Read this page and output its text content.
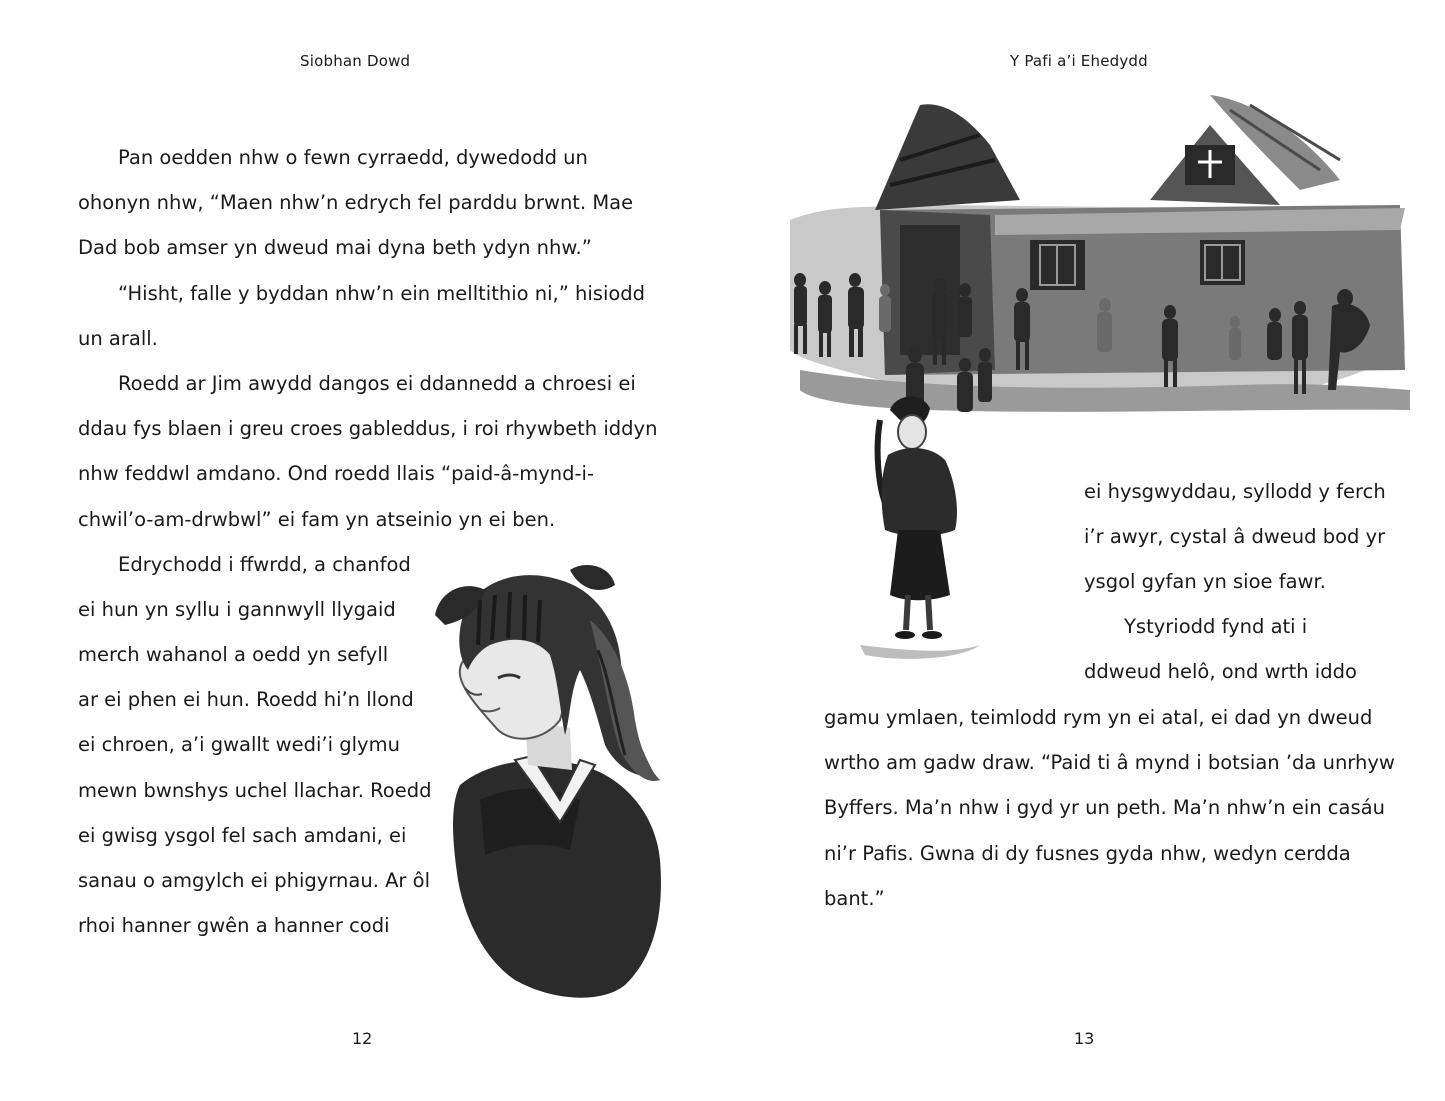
Siobhan Dowd
Pan oedden nhw o fewn cyrraedd, dywedodd un
ohonyn nhw, “Maen nhw’n edrych fel parddu brwnt. Mae
Dad bob amser yn dweud mai dyna beth ydyn nhw.”
“Hisht, falle y byddan nhw’n ein melltithio ni,” hisiodd
un arall.
Roedd ar Jim awydd dangos ei ddannedd a chroesi ei
ddau fys blaen i greu croes gableddus, i roi rhywbeth iddyn
nhw feddwl amdano. Ond roedd llais “paid-â-mynd-i-
chwil’o-am-drwbwl” ei fam yn atseinio yn ei ben.
Edrychodd i ffwrdd, a chanfod
ei hun yn syllu i gannwyll llygaid
merch wahanol a oedd yn sefyll
ar ei phen ei hun. Roedd hi’n llond
ei chroen, a’i gwallt wedi’i glymu
mewn bwnshys uchel llachar. Roedd
ei gwisg ysgol fel sach amdani, ei
sanau o amgylch ei phigyrnau. Ar ôl
rhoi hanner gwên a hanner codi
12
Y Pafi a’i Ehedydd
ei hysgwyddau, syllodd y ferch
i’r awyr, cystal â dweud bod yr
ysgol gyfan yn sioe fawr.
Ystyriodd fynd ati i
ddweud helô, ond wrth iddo
gamu ymlaen, teimlodd rym yn ei atal, ei dad yn dweud
wrtho am gadw draw. “Paid ti â mynd i botsian ’da unrhyw
Byffers. Ma’n nhw i gyd yr un peth. Ma’n nhw’n ein casáu
ni’r Pafis. Gwna di dy fusnes gyda nhw, wedyn cerdda
bant.”
13
